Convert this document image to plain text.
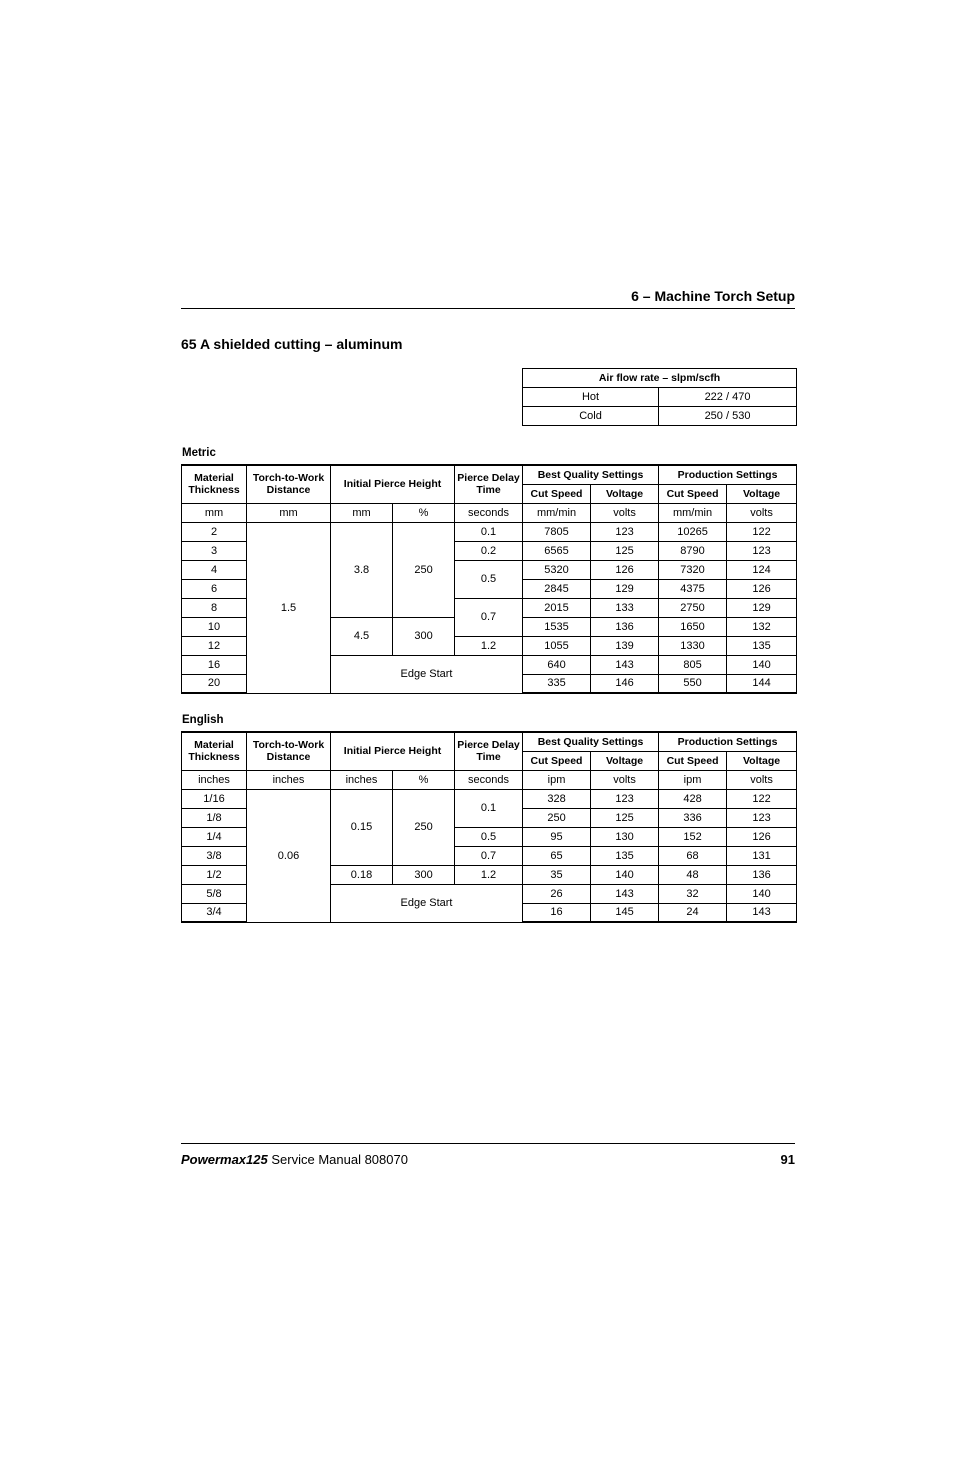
6 – Machine Torch Setup
65 A shielded cutting – aluminum
Air flow rate – slpm/scfh	
Hot	222 / 470
Cold	250 / 530
Metric
Material Thickness	Torch-to-Work Distance	Initial Pierce Height		Pierce Delay Time	Best Quality Settings		Production Settings	
					Cut Speed	Voltage	Cut Speed	Voltage
mm	mm	mm	%	seconds	mm/min	volts	mm/min	volts
2	1.5	3.8	250	0.1	7805	123	10265	122
3				0.2	6565	125	8790	123
4				0.5	5320	126	7320	124
6					2845	129	4375	126
8				0.7	2015	133	2750	129
10		4.5	300		1535	136	1650	132
12				1.2	1055	139	1330	135
16		Edge Start			640	143	805	140
20					335	146	550	144
English
Material Thickness	Torch-to-Work Distance	Initial Pierce Height		Pierce Delay Time	Best Quality Settings		Production Settings	
					Cut Speed	Voltage	Cut Speed	Voltage
inches	inches	inches	%	seconds	ipm	volts	ipm	volts
1/16	0.06	0.15	250	0.1	328	123	428	122
1/8					250	125	336	123
1/4				0.5	95	130	152	126
3/8				0.7	65	135	68	131
1/2		0.18	300	1.2	35	140	48	136
5/8		Edge Start			26	143	32	140
3/4					16	145	24	143
Powermax125 Service Manual 808070	91
